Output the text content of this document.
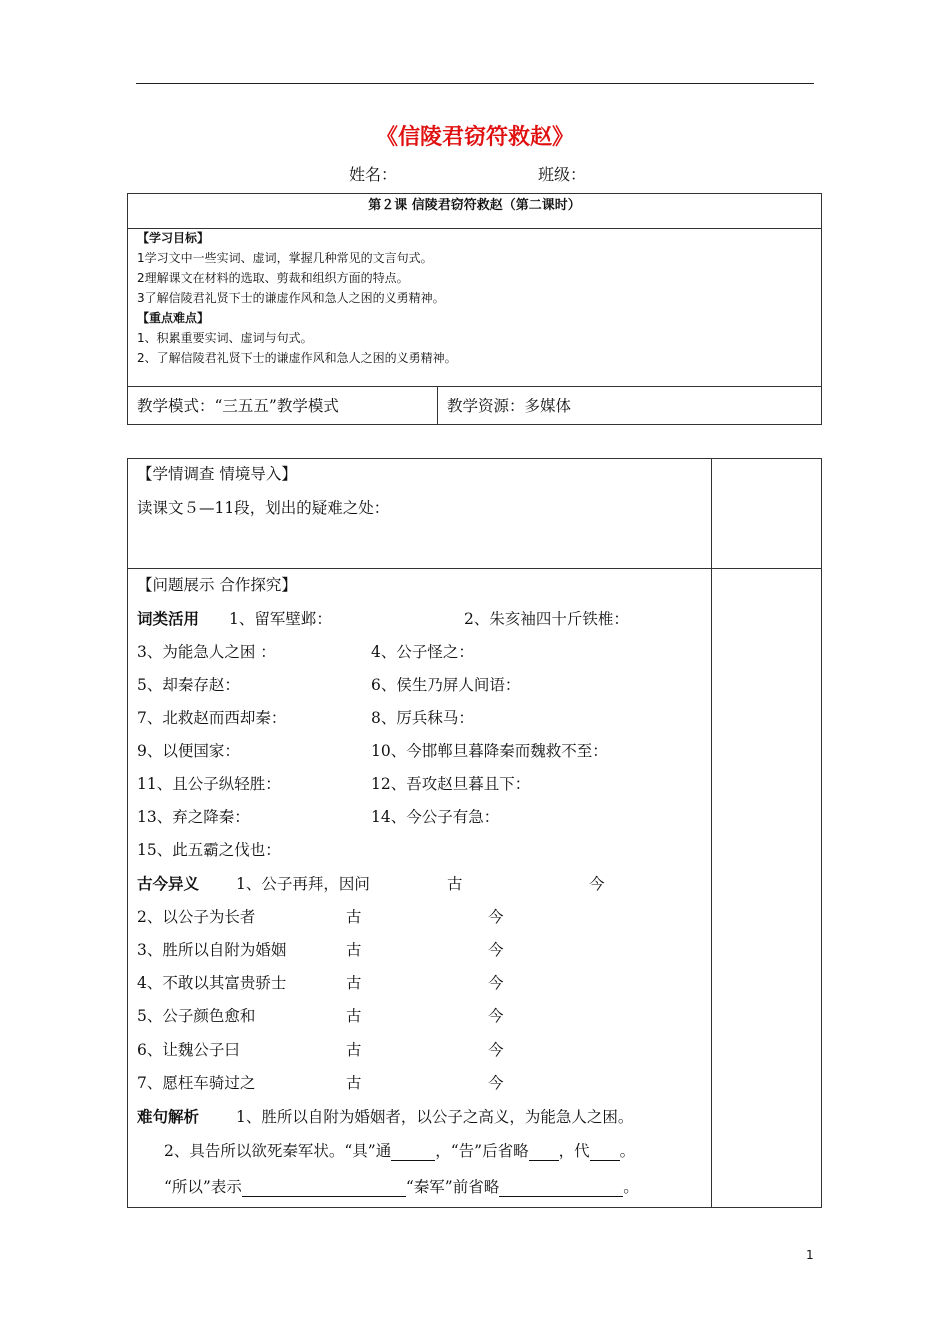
《信陵君窃符救赵》
姓名：	班级：
第２课 信陵君窃符救赵（第二课时）
【学习目标】
1学习文中一些实词、虚词，掌握几种常见的文言句式。
2理解课文在材料的选取、剪裁和组织方面的特点。
3了解信陵君礼贤下士的谦虚作风和急人之困的义勇精神。
【重点难点】
1、积累重要实词、虚词与句式。
2、了解信陵君礼贤下士的谦虚作风和急人之困的义勇精神。
教学模式：“三五五”教学模式	教学资源：多媒体
【学情调查 情境导入】
读课文５—11段，划出的疑难之处：
【问题展示 合作探究】
词类活用 1、留军壁邺：	2、朱亥袖四十斤铁椎：
3、为能急人之困 ：	4、公子怪之：
5、却秦存赵：	6、侯生乃屏人间语：
7、北救赵而西却秦：	8、厉兵秣马：
9、以便国家：	10、今邯郸旦暮降秦而魏救不至：
11、且公子纵轻胜：	12、吾攻赵旦暮且下：
13、弃之降秦：	14、今公子有急：
15、此五霸之伐也：
古今异义 1、公子再拜，因问	古	今
2、以公子为长者	古	今
3、胜所以自附为婚姻	古	今
4、不敢以其富贵骄士	古	今
5、公子颜色愈和	古	今
6、让魏公子曰	古	今
7、愿枉车骑过之	古	今
难句解析 1、胜所以自附为婚姻者，以公子之高义，为能急人之困。
2、具告所以欲死秦军状。“具”通	，“告”后省略 ，代 。
“所以”表示	“秦军”前省略	。
1
